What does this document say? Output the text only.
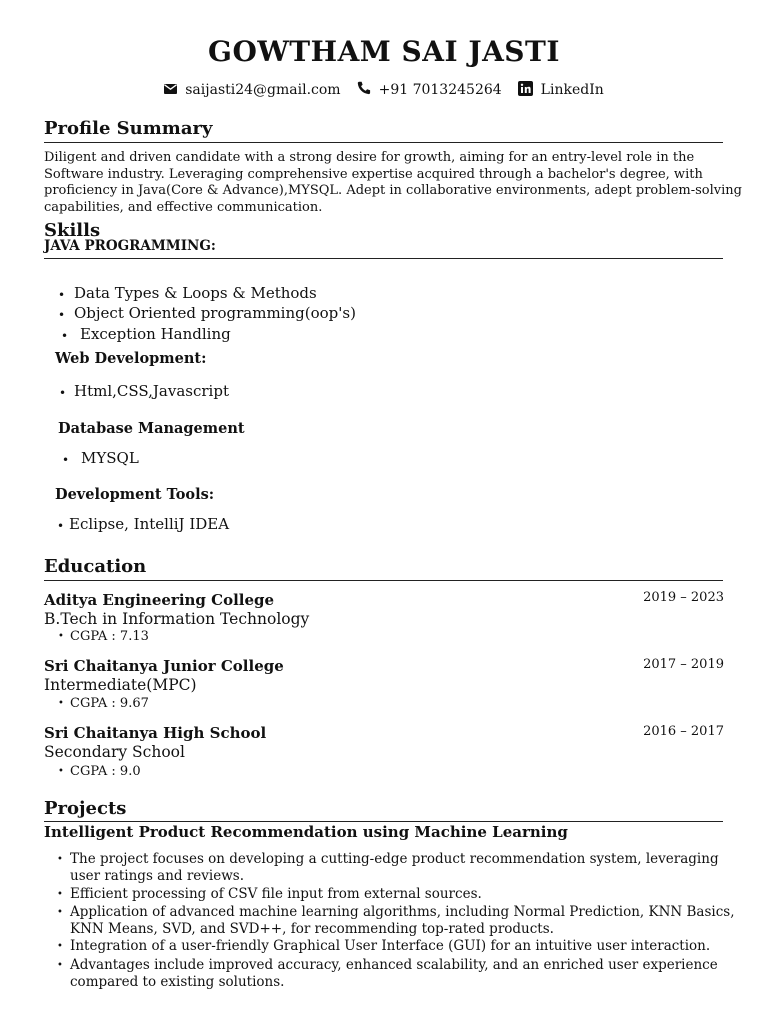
GOWTHAM SAI JASTI
saijasti24@gmail.com	+91 7013245264	LinkedIn
Profile Summary
Diligent and driven candidate with a strong desire for growth, aiming for an entry-level role in the Software industry. Leveraging comprehensive expertise acquired through a bachelor's degree, with proficiency in Java(Core & Advance),MYSQL. Adept in collaborative environments, adept problem-solving capabilities, and effective communication.
Skills
JAVA PROGRAMMING:
• Data Types & Loops & Methods
• Object Oriented programming(oop's)
• Exception Handling
Web Development:
• Html,CSS,Javascript
Database Management
• MYSQL
Development Tools:
• Eclipse, IntelliJ IDEA
Education
Aditya Engineering College	2019 – 2023
B.Tech in Information Technology
• CGPA : 7.13
Sri Chaitanya Junior College	2017 – 2019
Intermediate(MPC)
• CGPA : 9.67
Sri Chaitanya High School	2016 – 2017
Secondary School
• CGPA : 9.0
Projects
Intelligent Product Recommendation using Machine Learning
• The project focuses on developing a cutting-edge product recommendation system, leveraging user ratings and reviews.
• Efficient processing of CSV file input from external sources.
• Application of advanced machine learning algorithms, including Normal Prediction, KNN Basics, KNN Means, SVD, and SVD++, for recommending top-rated products.
• Integration of a user-friendly Graphical User Interface (GUI) for an intuitive user interaction.
• Advantages include improved accuracy, enhanced scalability, and an enriched user experience compared to existing solutions.
